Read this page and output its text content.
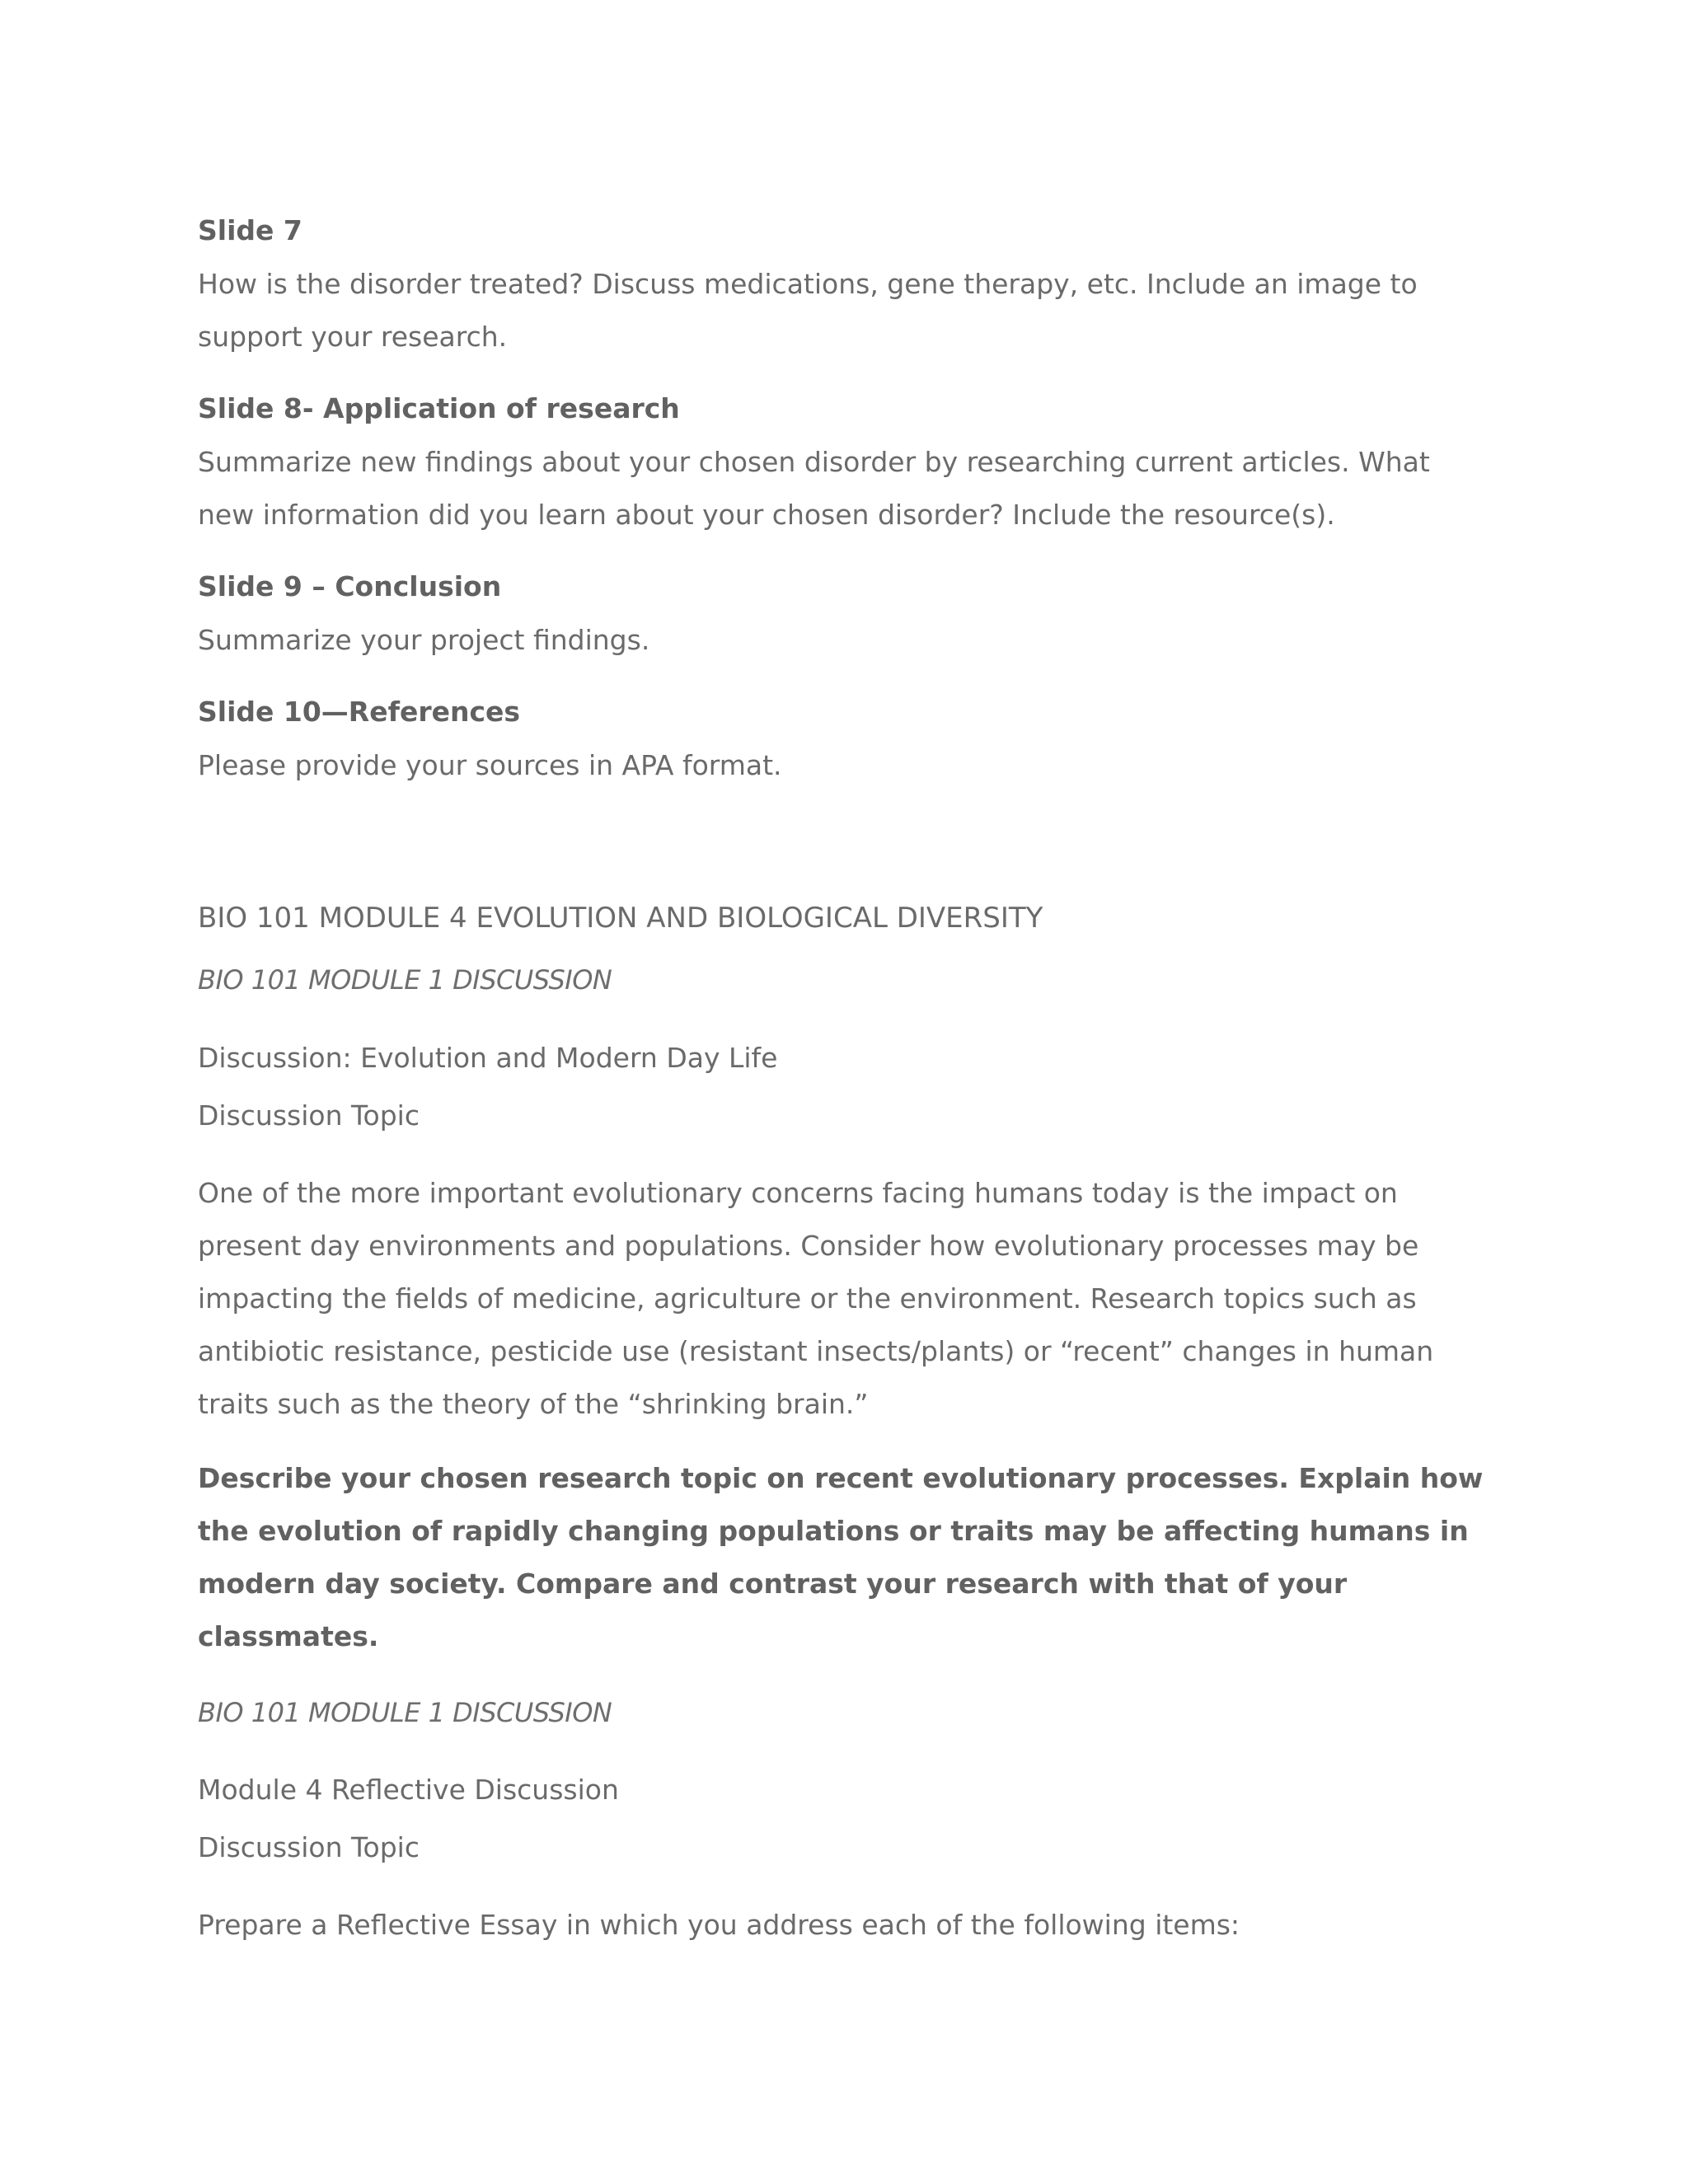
Slide 7
How is the disorder treated? Discuss medications, gene therapy, etc. Include an image to support your research.
Slide 8- Application of research
Summarize new findings about your chosen disorder by researching current articles. What new information did you learn about your chosen disorder? Include the resource(s).
Slide 9 – Conclusion
Summarize your project findings.
Slide 10—References
Please provide your sources in APA format.
BIO 101 MODULE 4 EVOLUTION AND BIOLOGICAL DIVERSITY
BIO 101 MODULE 1 DISCUSSION
Discussion: Evolution and Modern Day Life
Discussion Topic
One of the more important evolutionary concerns facing humans today is the impact on present day environments and populations. Consider how evolutionary processes may be impacting the fields of medicine, agriculture or the environment. Research topics such as antibiotic resistance, pesticide use (resistant insects/plants) or “recent” changes in human traits such as the theory of the “shrinking brain.”
Describe your chosen research topic on recent evolutionary processes. Explain how the evolution of rapidly changing populations or traits may be affecting humans in modern day society. Compare and contrast your research with that of your classmates.
BIO 101 MODULE 1 DISCUSSION
Module 4 Reflective Discussion
Discussion Topic
Prepare a Reflective Essay in which you address each of the following items:
